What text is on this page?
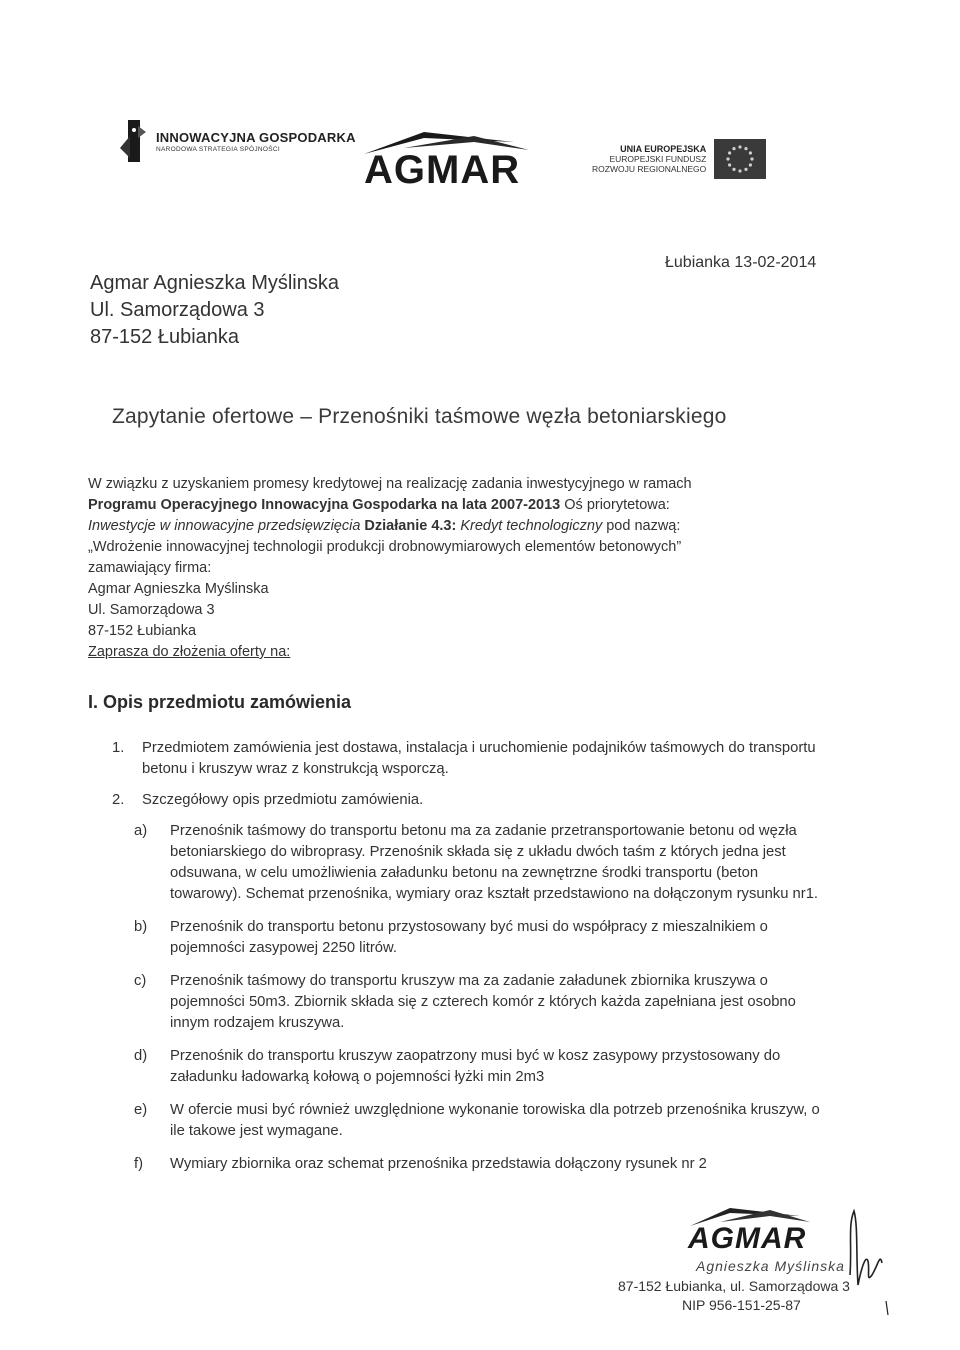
INNOWACYJNA GOSPODARKA
NARODOWA STRATEGIA SPÓJNOŚCI	AGMAR	UNIA EUROPEJSKA
EUROPEJSKI FUNDUSZ
ROZWOJU REGIONALNEGO
Agmar Agnieszka Myślinska
Ul. Samorządowa 3
87-152 Łubianka
Łubianka 13-02-2014
Zapytanie ofertowe – Przenośniki taśmowe węzła betoniarskiego

W związku z uzyskaniem promesy kredytowej na realizację zadania inwestycyjnego w ramach

Programu Operacyjnego Innowacyjna Gospodarka na lata 2007-2013 Oś priorytetowa:

Inwestycje w innowacyjne przedsięwzięcia Działanie 4.3: Kredyt technologiczny pod nazwą:

„Wdrożenie innowacyjnej technologii produkcji drobnowymiarowych elementów betonowych”

zamawiający firma:

Agmar Agnieszka Myślinska

Ul. Samorządowa 3

87-152 Łubianka

Zaprasza do złożenia oferty na:

I. Opis przedmiotu zamówienia
1.	Przedmiotem zamówienia jest dostawa, instalacja i uruchomienie podajników taśmowych do transportu betonu i kruszyw wraz z konstrukcją wsporczą.
2.	Szczegółowy opis przedmiotu zamówienia.
a)	Przenośnik taśmowy do transportu betonu ma za zadanie przetransportowanie betonu od węzła betoniarskiego do wibroprasy. Przenośnik składa się z układu dwóch taśm z których jedna jest odsuwana, w celu umożliwienia załadunku betonu na zewnętrzne środki transportu (beton towarowy). Schemat przenośnika, wymiary oraz kształt przedstawiono na dołączonym rysunku nr1.
b)	Przenośnik do transportu betonu przystosowany być musi do współpracy z mieszalnikiem o pojemności zasypowej 2250 litrów.
c)	Przenośnik taśmowy do transportu kruszyw ma za zadanie załadunek zbiornika kruszywa o pojemności 50m3. Zbiornik składa się z czterech komór z których każda zapełniana jest osobno innym rodzajem kruszywa.
d)	Przenośnik do transportu kruszyw zaopatrzony musi być w kosz zasypowy przystosowany do załadunku ładowarką kołową o pojemności łyżki min 2m3
e)	W ofercie musi być również uwzględnione wykonanie torowiska dla potrzeb przenośnika kruszyw, o ile takowe jest wymagane.
f)	Wymiary zbiornika oraz schemat przenośnika przedstawia dołączony rysunek nr 2
AGMAR
Agnieszka Myślinska
87-152 Łubianka, ul. Samorządowa 3
NIP 956-151-25-87
